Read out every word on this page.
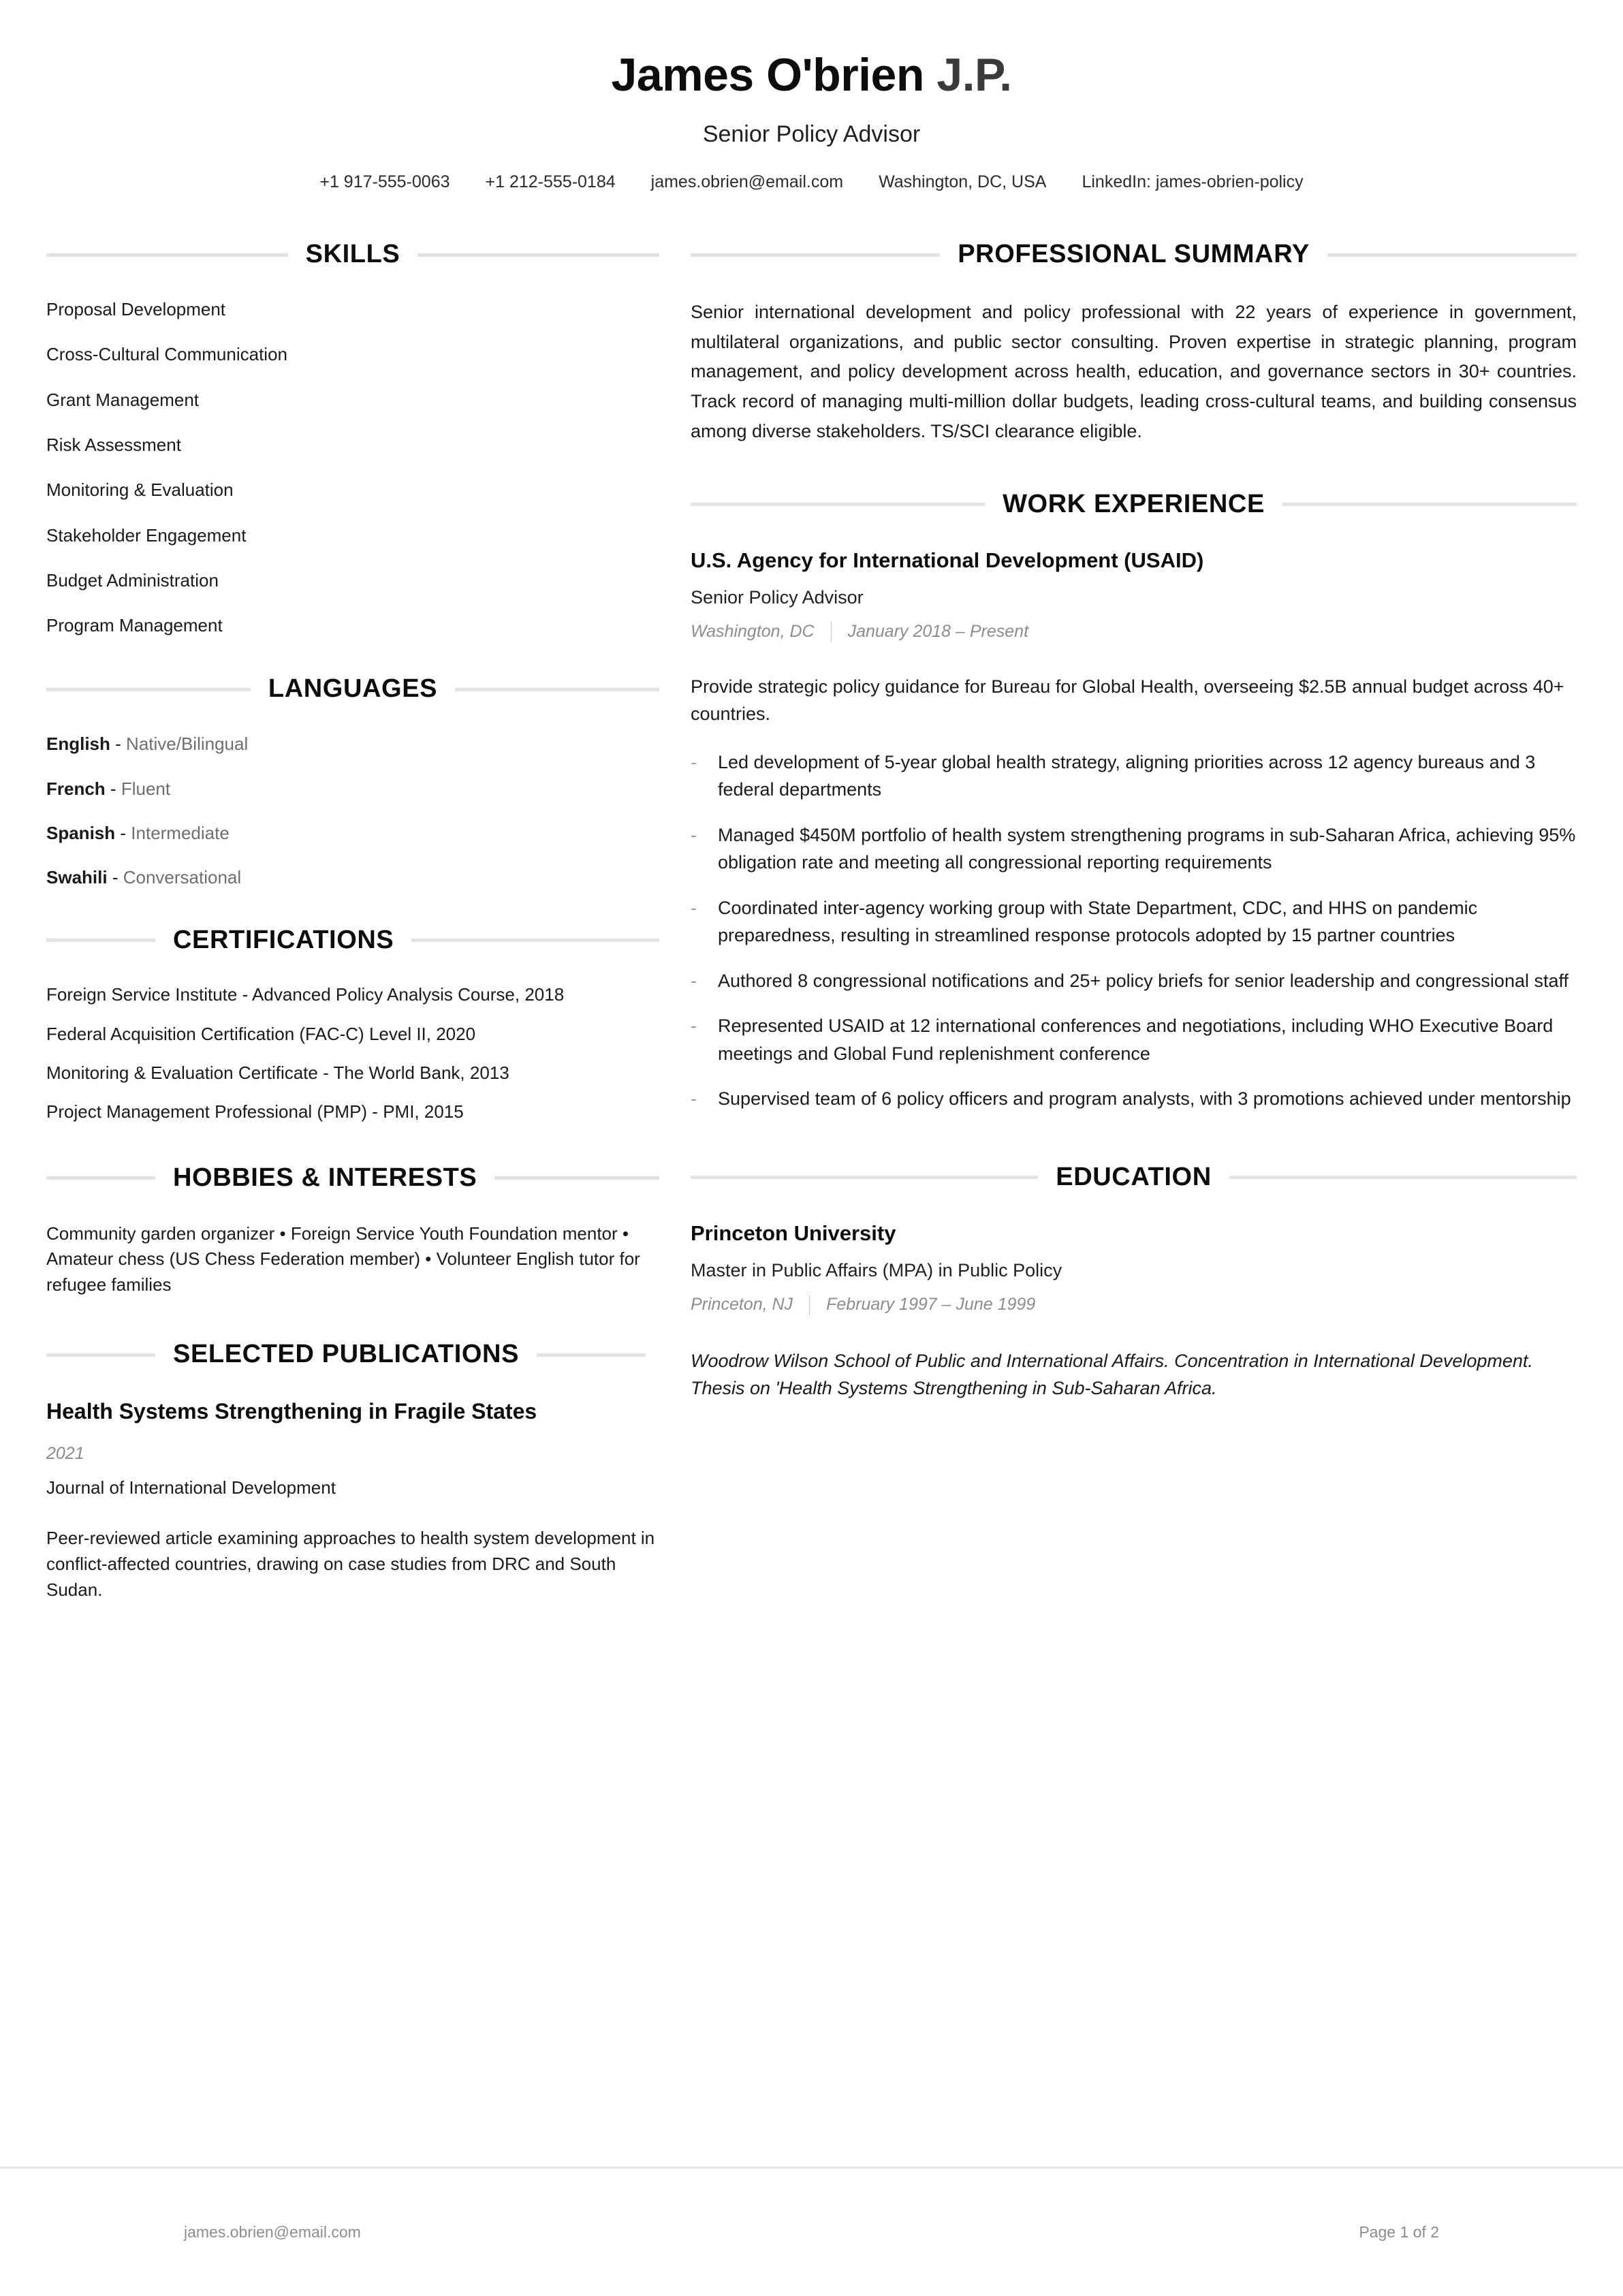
James O'brien J.P.
Senior Policy Advisor
+1 917-555-0063 +1 212-555-0184 james.obrien@email.com Washington, DC, USA LinkedIn: james-obrien-policy
SKILLS
Proposal Development
Cross-Cultural Communication
Grant Management
Risk Assessment
Monitoring & Evaluation
Stakeholder Engagement
Budget Administration
Program Management
LANGUAGES
English - Native/Bilingual
French - Fluent
Spanish - Intermediate
Swahili - Conversational
CERTIFICATIONS
Foreign Service Institute - Advanced Policy Analysis Course, 2018
Federal Acquisition Certification (FAC-C) Level II, 2020
Monitoring & Evaluation Certificate - The World Bank, 2013
Project Management Professional (PMP) - PMI, 2015
HOBBIES & INTERESTS
Community garden organizer • Foreign Service Youth Foundation mentor • Amateur chess (US Chess Federation member) • Volunteer English tutor for refugee families
SELECTED PUBLICATIONS
Health Systems Strengthening in Fragile States
2021
Journal of International Development
Peer-reviewed article examining approaches to health system development in conflict-affected countries, drawing on case studies from DRC and South Sudan.
PROFESSIONAL SUMMARY
Senior international development and policy professional with 22 years of experience in government, multilateral organizations, and public sector consulting. Proven expertise in strategic planning, program management, and policy development across health, education, and governance sectors in 30+ countries. Track record of managing multi-million dollar budgets, leading cross-cultural teams, and building consensus among diverse stakeholders. TS/SCI clearance eligible.
WORK EXPERIENCE
U.S. Agency for International Development (USAID)
Senior Policy Advisor
Washington, DC January 2018 – Present
Provide strategic policy guidance for Bureau for Global Health, overseeing $2.5B annual budget across 40+ countries.
-	Led development of 5-year global health strategy, aligning priorities across 12 agency bureaus and 3 federal departments
-	Managed $450M portfolio of health system strengthening programs in sub-Saharan Africa, achieving 95% obligation rate and meeting all congressional reporting requirements
-	Coordinated inter-agency working group with State Department, CDC, and HHS on pandemic preparedness, resulting in streamlined response protocols adopted by 15 partner countries
-	Authored 8 congressional notifications and 25+ policy briefs for senior leadership and congressional staff
-	Represented USAID at 12 international conferences and negotiations, including WHO Executive Board meetings and Global Fund replenishment conference
-	Supervised team of 6 policy officers and program analysts, with 3 promotions achieved under mentorship
EDUCATION
Princeton University
Master in Public Affairs (MPA) in Public Policy
Princeton, NJ February 1997 – June 1999
Woodrow Wilson School of Public and International Affairs. Concentration in International Development. Thesis on 'Health Systems Strengthening in Sub-Saharan Africa.
james.obrien@email.com	Page 1 of 2
